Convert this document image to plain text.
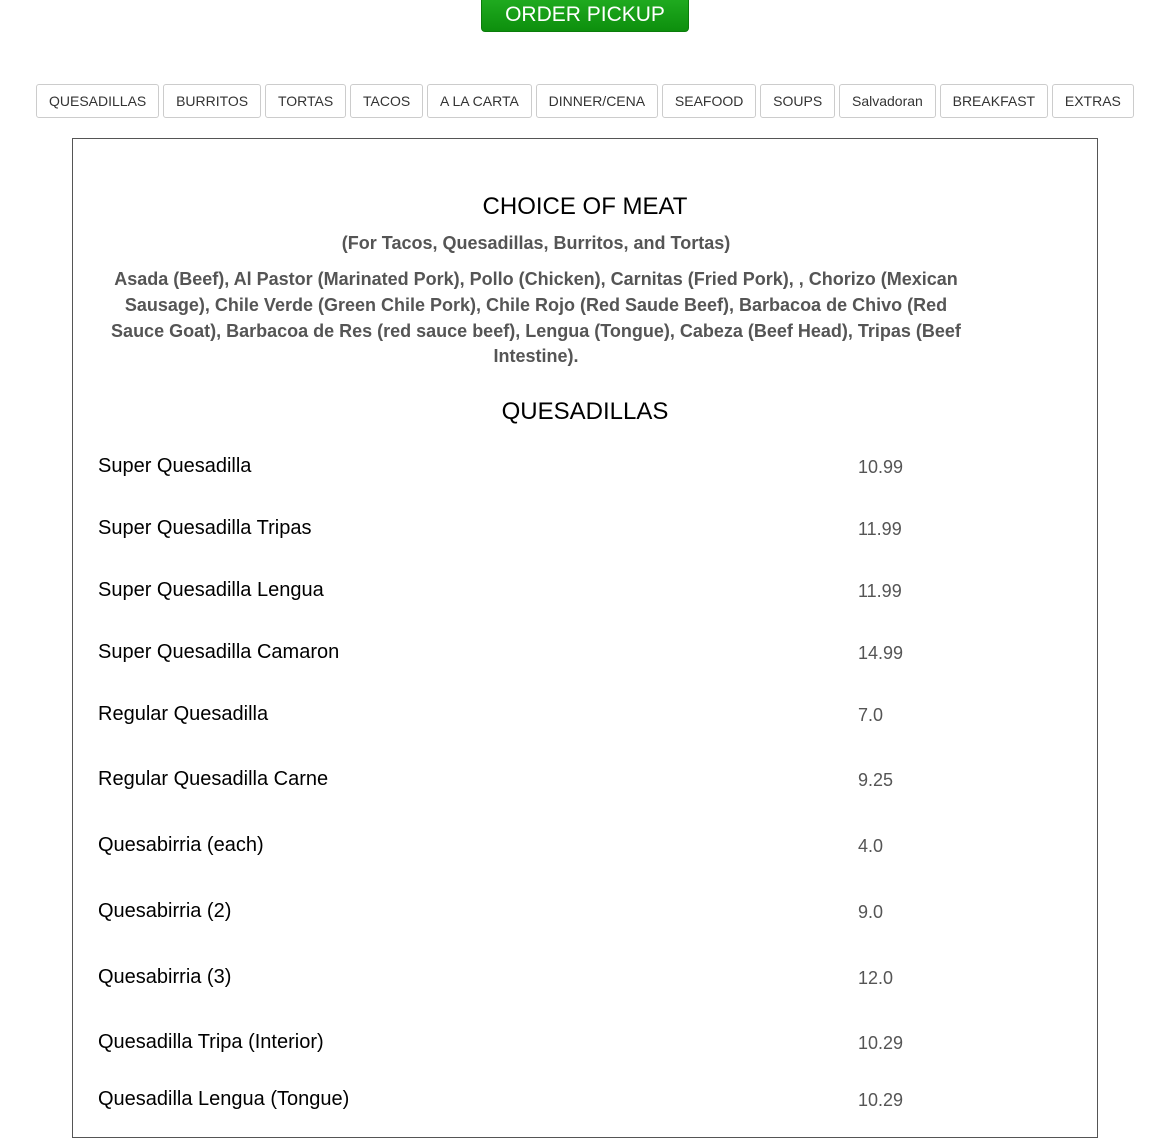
ORDER PICKUP
QUESADILLAS	BURRITOS	TORTAS	TACOS	A LA CARTA	DINNER/CENA	SEAFOOD	SOUPS	Salvadoran	BREAKFAST	EXTRAS
CHOICE OF MEAT
(For Tacos, Quesadillas, Burritos, and Tortas)
Asada (Beef), Al Pastor (Marinated Pork), Pollo (Chicken), Carnitas (Fried Pork), , Chorizo (Mexican Sausage), Chile Verde (Green Chile Pork), Chile Rojo (Red Saude Beef), Barbacoa de Chivo (Red Sauce Goat), Barbacoa de Res (red sauce beef), Lengua (Tongue), Cabeza (Beef Head), Tripas (Beef Intestine).
QUESADILLAS
Super Quesadilla	10.99
Super Quesadilla Tripas	11.99
Super Quesadilla Lengua	11.99
Super Quesadilla Camaron	14.99
Regular Quesadilla	7.0
Regular Quesadilla Carne	9.25
Quesabirria (each)	4.0
Quesabirria (2)	9.0
Quesabirria (3)	12.0
Quesadilla Tripa (Interior)	10.29
Quesadilla Lengua (Tongue)	10.29
